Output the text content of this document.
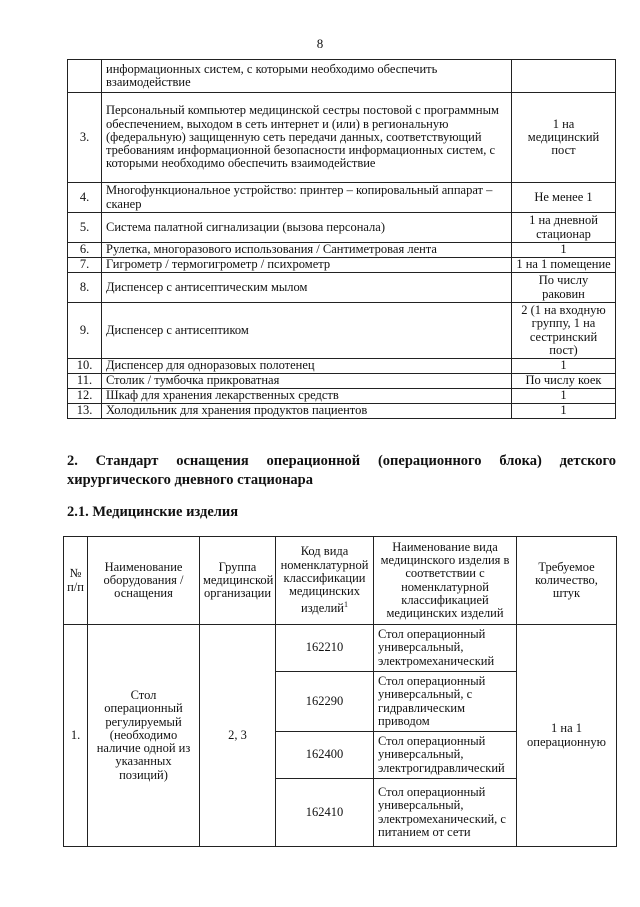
8
	информационных систем, с которыми необходимо обеспечить взаимодействие	
3.	Персональный компьютер медицинской сестры постовой с программным обеспечением, выходом в сеть интернет и (или) в региональную (федеральную) защищенную сеть передачи данных, соответствующий требованиям информационной безопасности информационных систем, с которыми необходимо обеспечить взаимодействие	1 на медицинский пост
4.	Многофункциональное устройство: принтер – копировальный аппарат – сканер	Не менее 1
5.	Система палатной сигнализации (вызова персонала)	1 на дневной стационар
6.	Рулетка, многоразового использования / Сантиметровая лента	1
7.	Гигрометр / термогигрометр / психрометр	1 на 1 помещение
8.	Диспенсер с антисептическим мылом	По числу раковин
9.	Диспенсер с антисептиком	2 (1 на входную группу, 1 на сестринский пост)
10.	Диспенсер для одноразовых полотенец	1
11.	Столик / тумбочка прикроватная	По числу коек
12.	Шкаф для хранения лекарственных средств	1
13.	Холодильник для хранения продуктов пациентов	1
2. Стандарт оснащения операционной (операционного блока) детского хирургического дневного стационара
2.1. Медицинские изделия
№ п/п	Наименование оборудования / оснащения	Группа медицинской организации	Код вида номенклатурной классификации медицинских изделий$^1$	Наименование вида медицинского изделия в соответствии с номенклатурной классификацией медицинских изделий	Требуемое количество, штук
1.	Стол операционный регулируемый (необходимо наличие одной из указанных позиций)	2, 3	162210	Стол операционный универсальный, электромеханический	1 на 1 операционную
			162290	Стол операционный универсальный, с гидравлическим приводом	
			162400	Стол операционный универсальный, электрогидравлический	
			162410	Стол операционный универсальный, электромеханический, с питанием от сети	
